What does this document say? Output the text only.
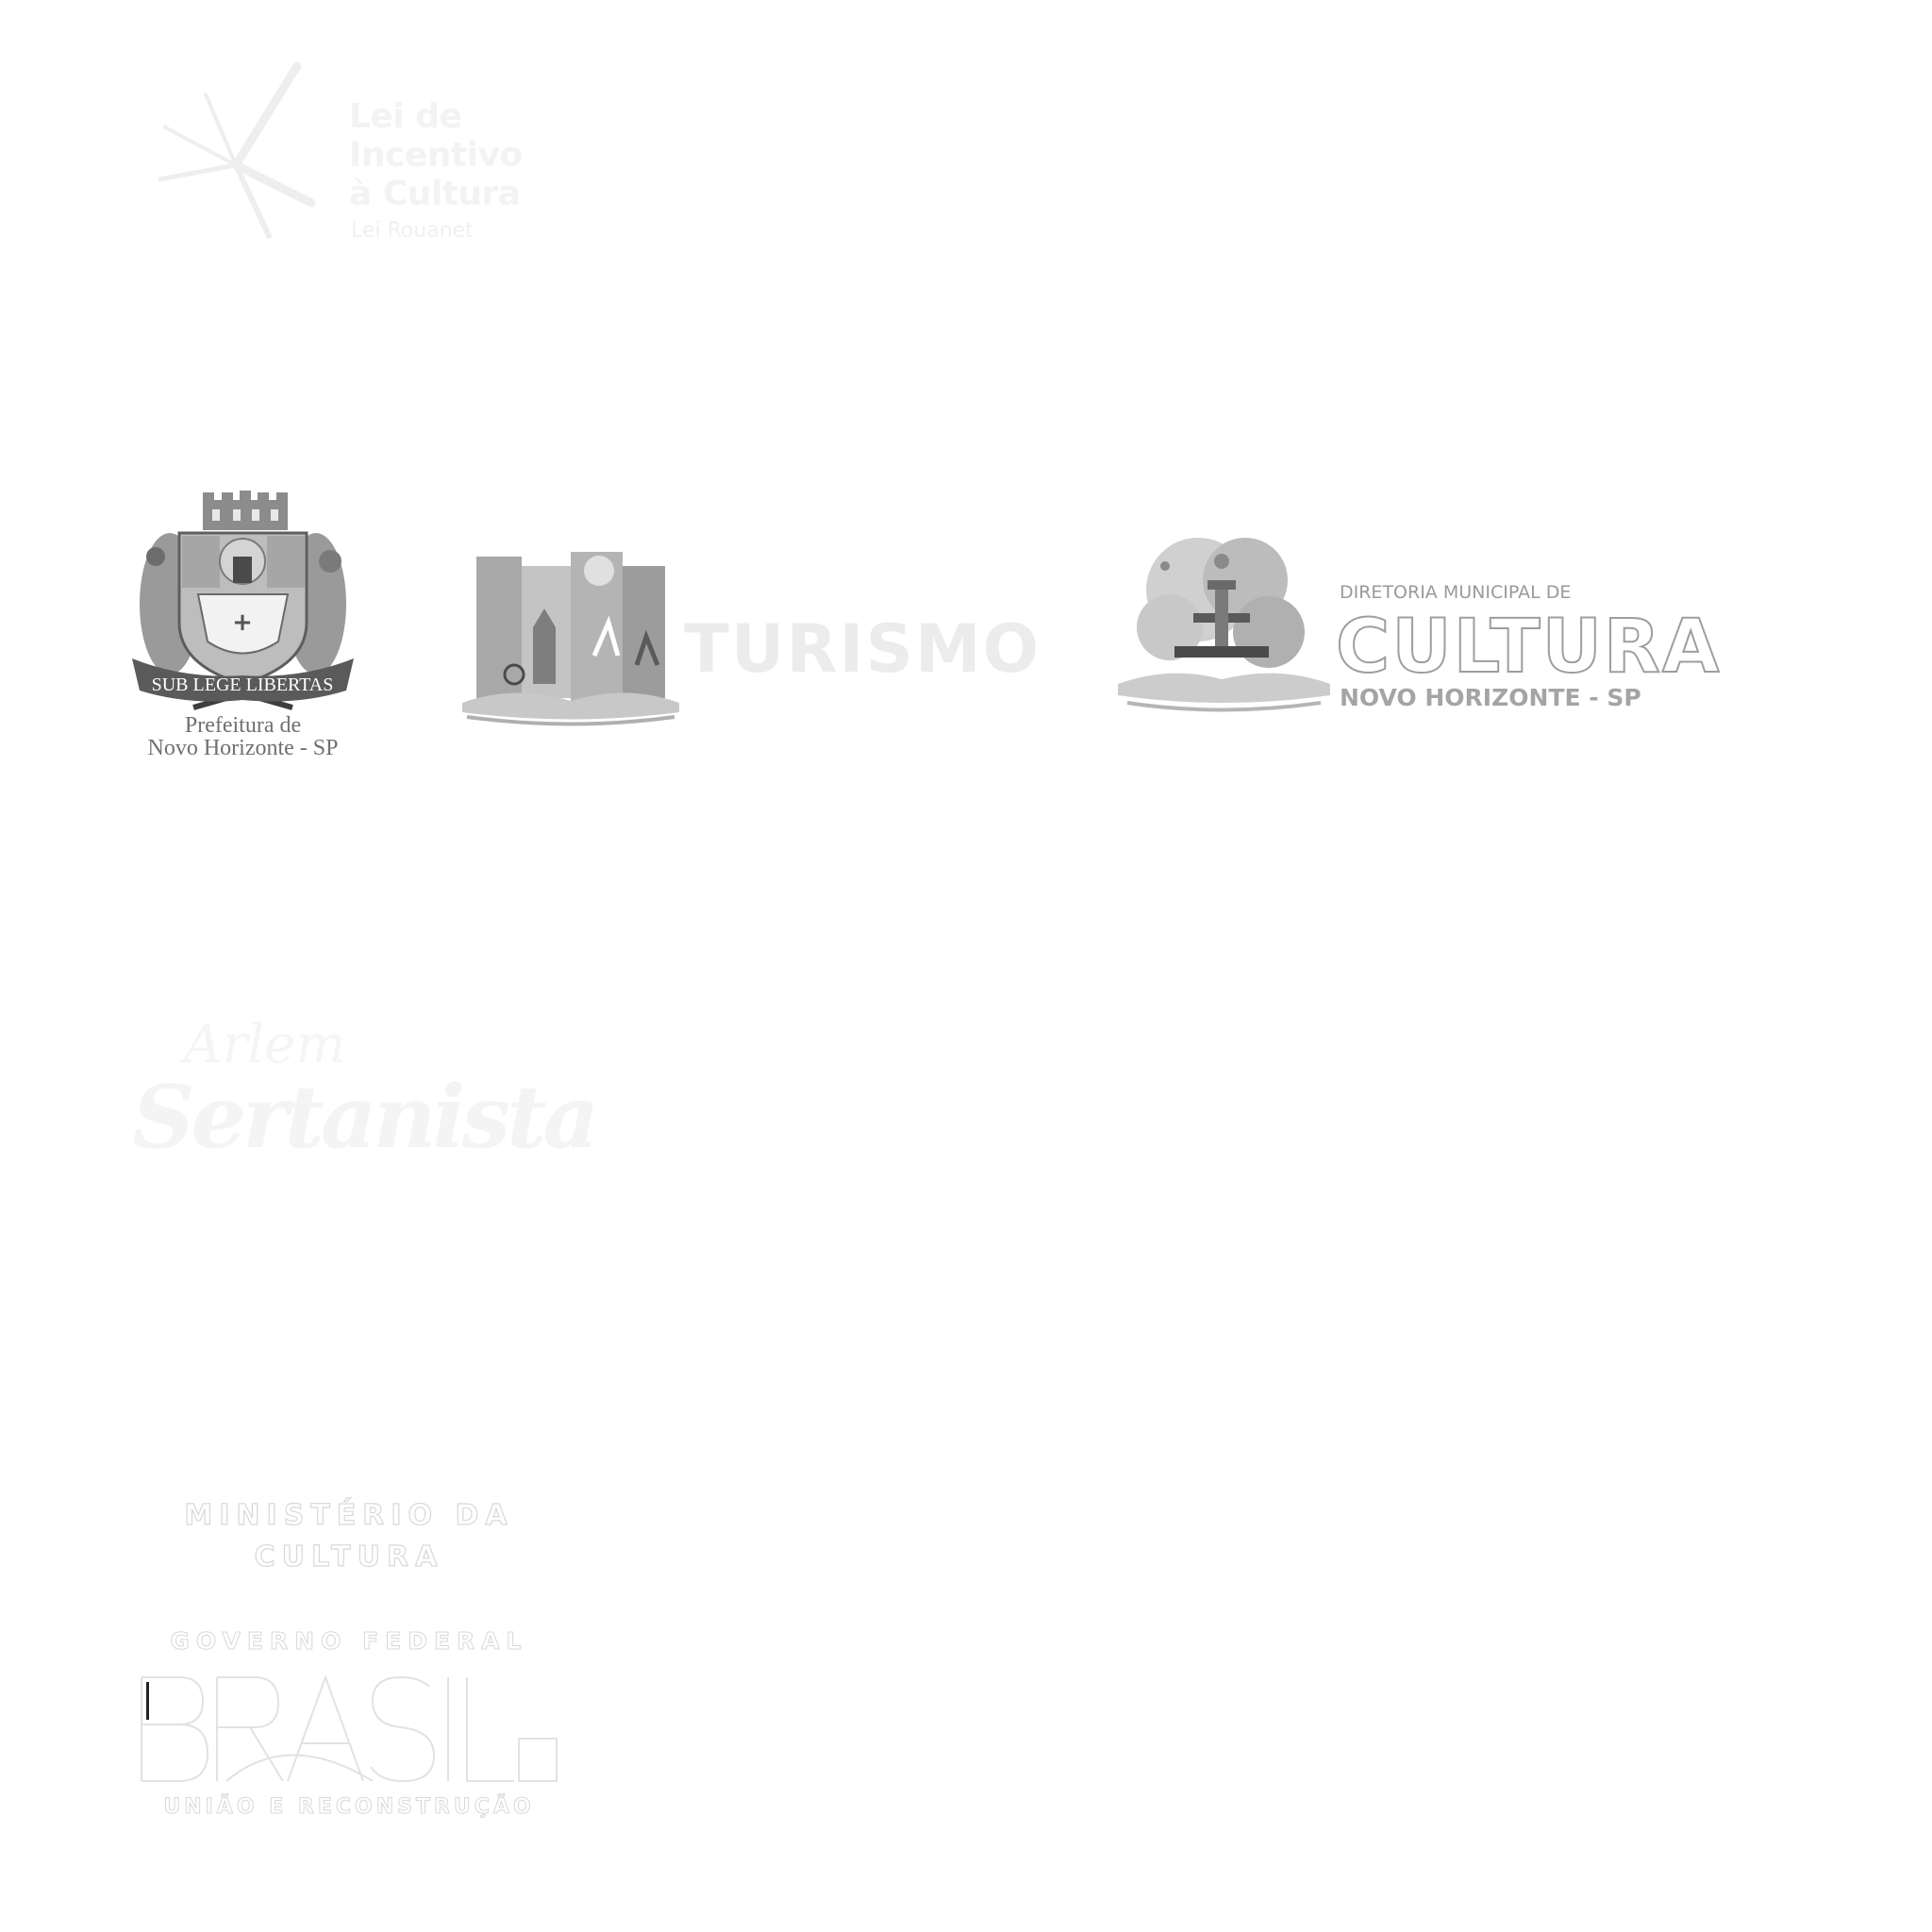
Lei de
Incentivo
à Cultura
Lei Rouanet
+
SUB LEGE LIBERTAS
Prefeitura de
Novo Horizonte - SP
TURISMO
DIRETORIA MUNICIPAL DE
CULTURA
NOVO HORIZONTE - SP
Arlem
Sertanista
MINISTÉRIO DA
CULTURA
GOVERNO FEDERAL
UNIÃO E RECONSTRUÇÃO
